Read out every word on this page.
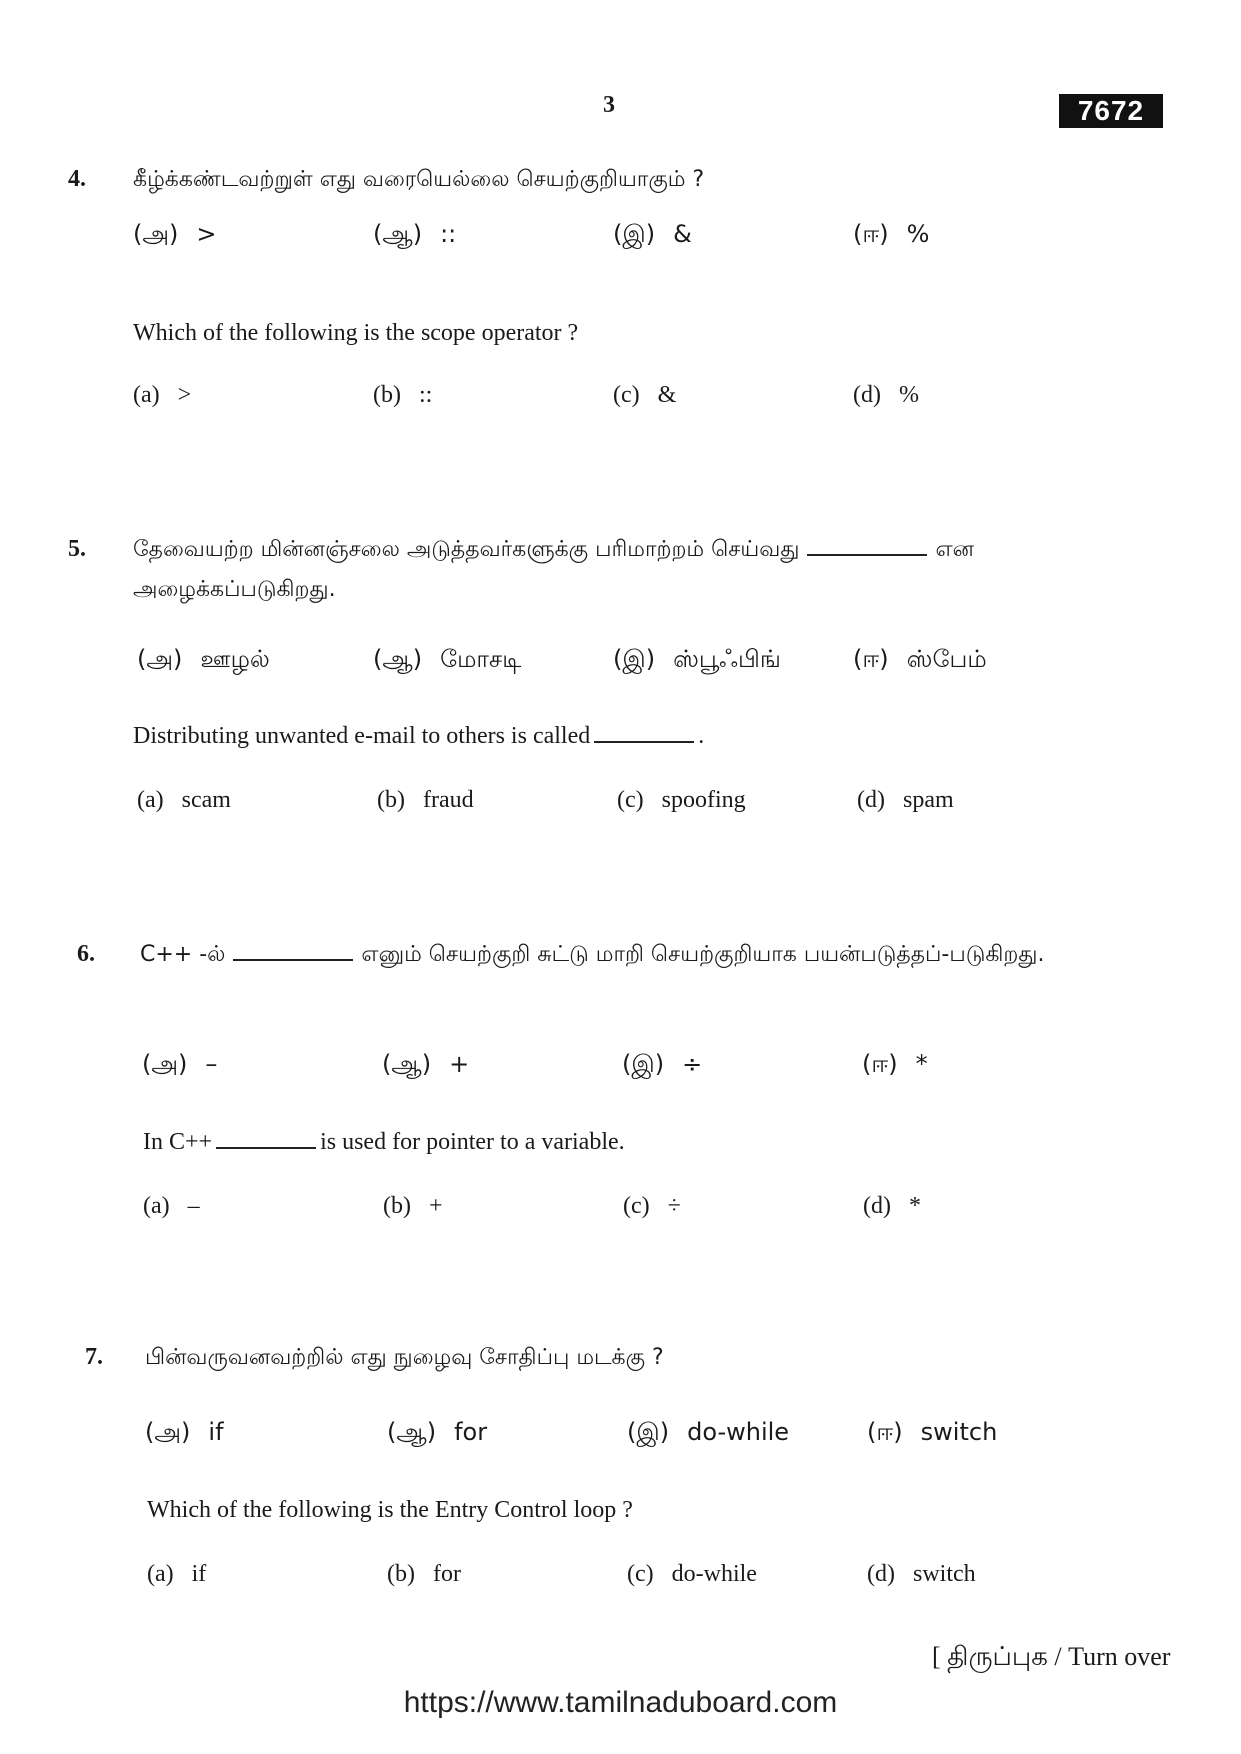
3	7672
4. கீழ்க்கண்டவற்றுள் எது வரையெல்லை செயற்குறியாகும் ?
(அ) >	(ஆ) ::	(இ) &	(ஈ) %
Which of the following is the scope operator ?
(a) >	(b) ::	(c) &	(d) %
5. தேவையற்ற மின்னஞ்சலை அடுத்தவர்களுக்கு பரிமாற்றம் செய்வது	என அழைக்கப்படுகிறது.
(அ) ஊழல்	(ஆ) மோசடி	(இ) ஸ்பூஃபிங்	(ஈ) ஸ்பேம்
Distributing unwanted e-mail to others is called	.
(a) scam	(b) fraud	(c) spoofing	(d) spam
6. C++ -ல்	எனும் செயற்குறி சுட்டு மாறி செயற்குறியாக பயன்படுத்தப்-படுகிறது.
(அ) –	(ஆ) +	(இ) ÷	(ஈ) *
In C++	is used for pointer to a variable.
(a) –	(b) +	(c) ÷	(d) *
7. பின்வருவனவற்றில் எது நுழைவு சோதிப்பு மடக்கு ?
(அ) if	(ஆ) for	(இ) do-while	(ஈ) switch
Which of the following is the Entry Control loop ?
(a) if	(b) for	(c) do-while	(d) switch
[ திருப்புக / Turn over
https://www.tamilnaduboard.com
